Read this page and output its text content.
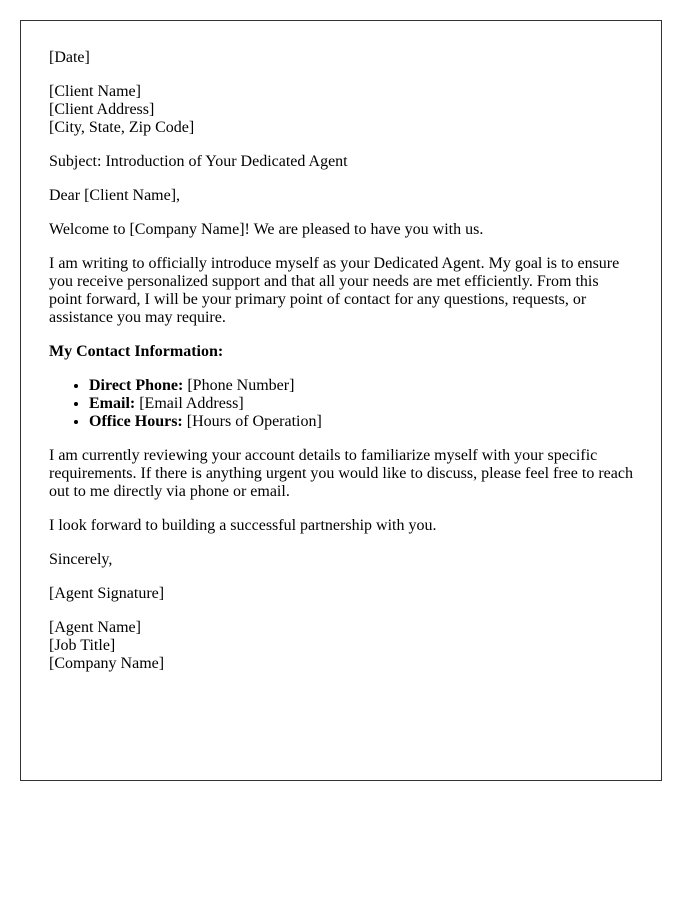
[Date]

[Client Name]
[Client Address]
[City, State, Zip Code]

Subject: Introduction of Your Dedicated Agent

Dear [Client Name],

Welcome to [Company Name]! We are pleased to have you with us.

I am writing to officially introduce myself as your Dedicated Agent. My goal is to ensure you receive personalized support and that all your needs are met efficiently. From this point forward, I will be your primary point of contact for any questions, requests, or assistance you may require.

My Contact Information:

• Direct Phone: [Phone Number]
• Email: [Email Address]
• Office Hours: [Hours of Operation]

I am currently reviewing your account details to familiarize myself with your specific requirements. If there is anything urgent you would like to discuss, please feel free to reach out to me directly via phone or email.

I look forward to building a successful partnership with you.

Sincerely,

[Agent Signature]

[Agent Name]
[Job Title]
[Company Name]
